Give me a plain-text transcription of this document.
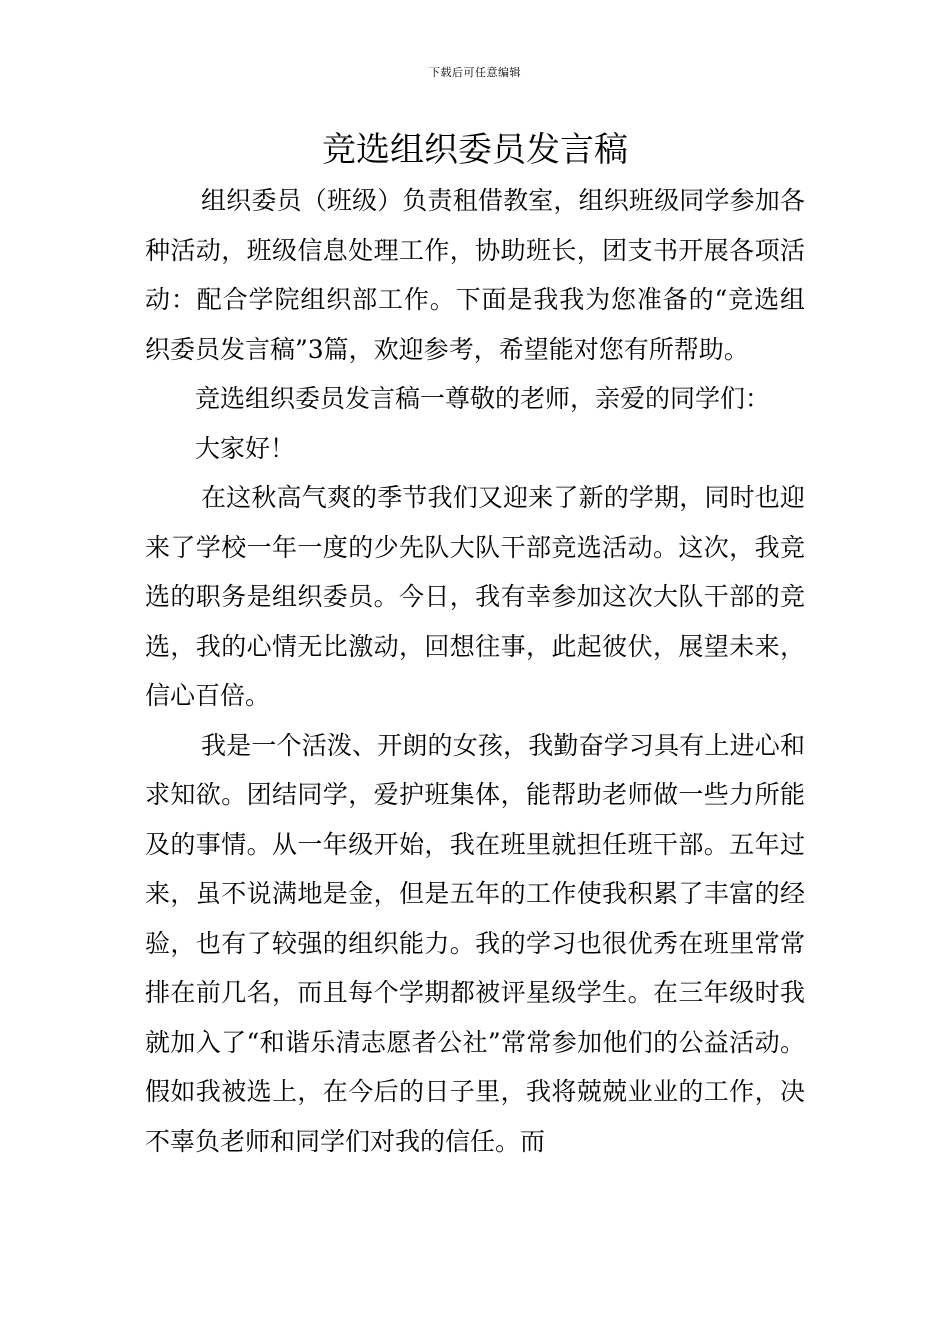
下载后可任意编辑
竞选组织委员发言稿

组织委员（班级）负责租借教室，组织班级同学参加各种活动，班级信息处理工作，协助班长，团支书开展各项活动：配合学院组织部工作。下面是我我为您准备的“竞选组织委员发言稿”3篇，欢迎参考，希望能对您有所帮助。

竞选组织委员发言稿一尊敬的老师，亲爱的同学们：

大家好！

在这秋高气爽的季节我们又迎来了新的学期，同时也迎来了学校一年一度的少先队大队干部竞选活动。这次，我竞选的职务是组织委员。今日，我有幸参加这次大队干部的竞选，我的心情无比激动，回想往事，此起彼伏，展望未来，信心百倍。

我是一个活泼、开朗的女孩，我勤奋学习具有上进心和求知欲。团结同学，爱护班集体，能帮助老师做一些力所能及的事情。从一年级开始，我在班里就担任班干部。五年过来，虽不说满地是金，但是五年的工作使我积累了丰富的经验，也有了较强的组织能力。我的学习也很优秀在班里常常排在前几名，而且每个学期都被评星级学生。在三年级时我就加入了“和谐乐清志愿者公社”常常参加他们的公益活动。假如我被选上，在今后的日子里，我将兢兢业业的工作，决不辜负老师和同学们对我的信任。而
